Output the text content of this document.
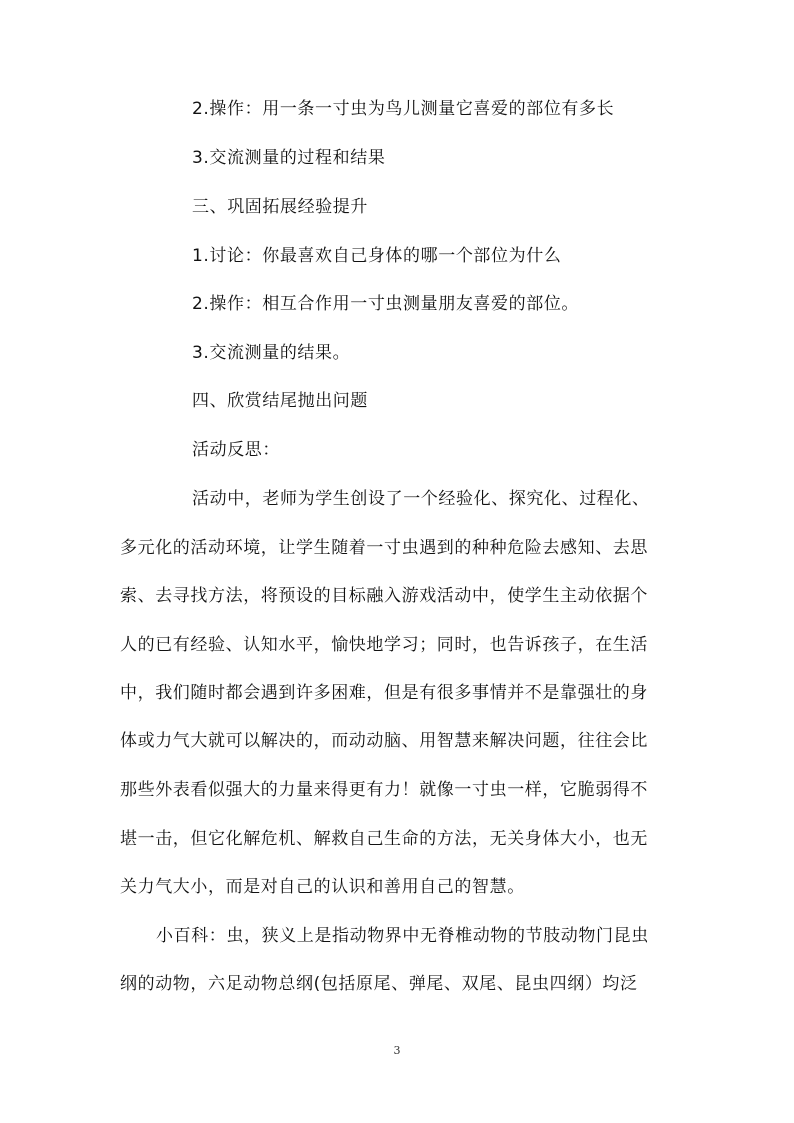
2.操作：用一条一寸虫为鸟儿测量它喜爱的部位有多长
3.交流测量的过程和结果
三、巩固拓展经验提升
1.讨论：你最喜欢自己身体的哪一个部位为什么
2.操作：相互合作用一寸虫测量朋友喜爱的部位。
3.交流测量的结果。
四、欣赏结尾抛出问题
活动反思：
活动中，老师为学生创设了一个经验化、探究化、过程化、
多元化的活动环境，让学生随着一寸虫遇到的种种危险去感知、去思
索、去寻找方法，将预设的目标融入游戏活动中，使学生主动依据个
人的已有经验、认知水平，愉快地学习；同时，也告诉孩子，在生活
中，我们随时都会遇到许多困难，但是有很多事情并不是靠强壮的身
体或力气大就可以解决的，而动动脑、用智慧来解决问题，往往会比
那些外表看似强大的力量来得更有力！就像一寸虫一样，它脆弱得不
堪一击，但它化解危机、解救自己生命的方法，无关身体大小，也无
关力气大小，而是对自己的认识和善用自己的智慧。
小百科：虫，狭义上是指动物界中无脊椎动物的节肢动物门昆虫
纲的动物，六足动物总纲(包括原尾、弹尾、双尾、昆虫四纲）均泛
3
